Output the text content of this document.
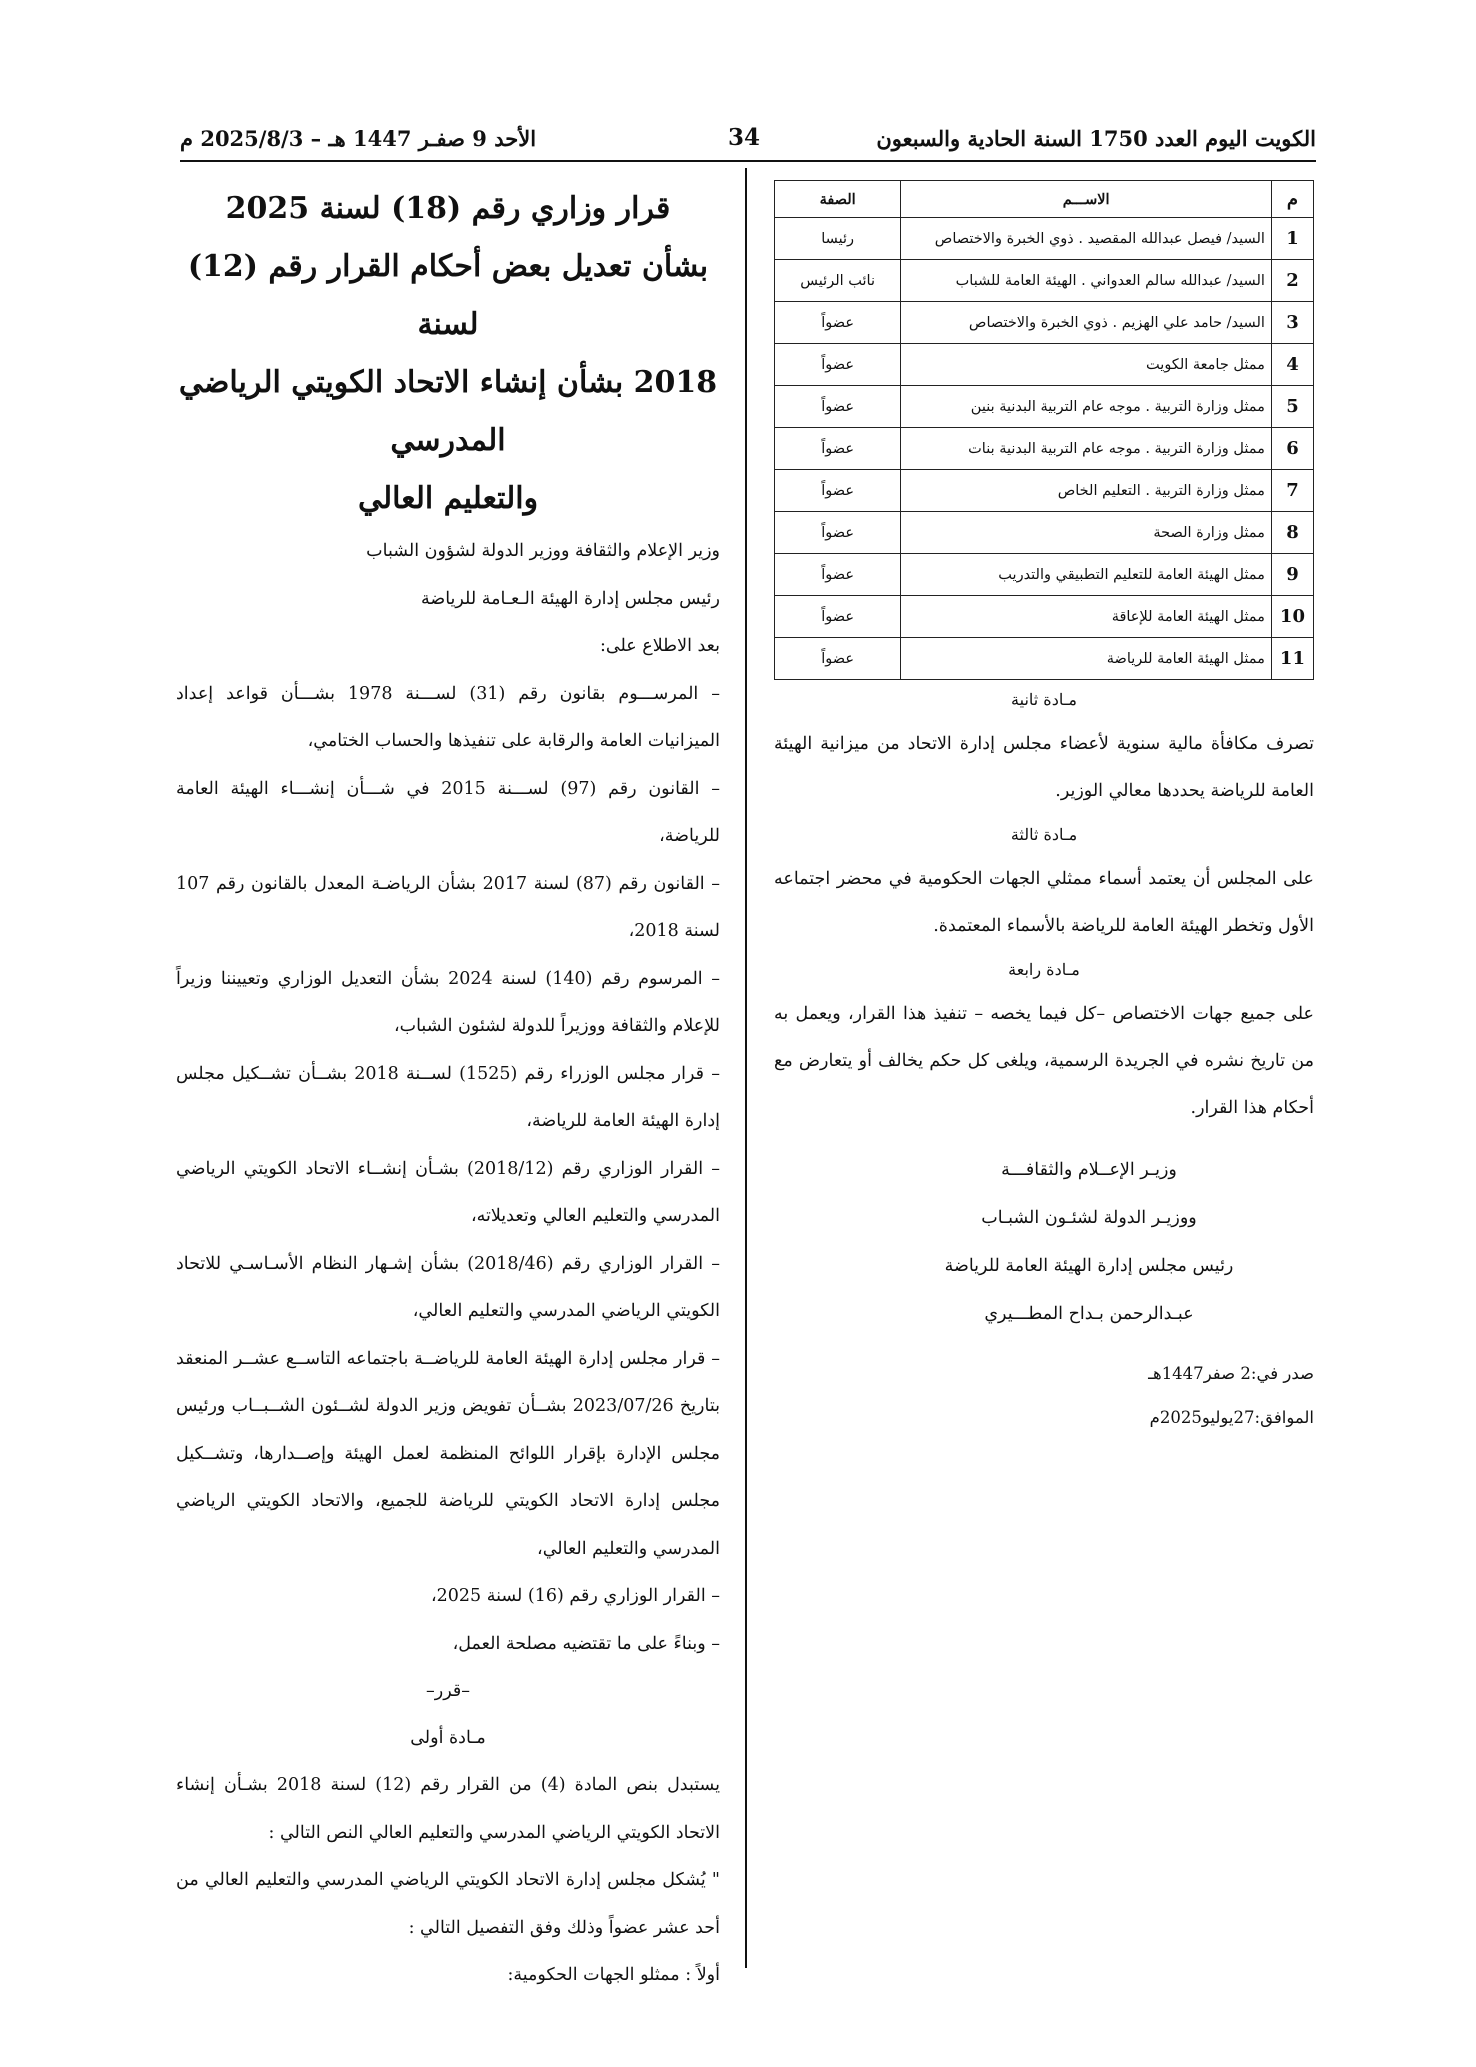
الكويت اليوم العدد 1750 السنة الحادية والسبعون
34
الأحد 9 صفـر 1447 هـ – 2025/8/3 م
م	الاســـم	الصفة
1	السيد/ فيصل عبدالله المقصيد . ذوي الخبرة والاختصاص	رئيسا
2	السيد/ عبدالله سالم العدواني . الهيئة العامة للشباب	نائب الرئيس
3	السيد/ حامد علي الهزيم . ذوي الخبرة والاختصاص	عضواً
4	ممثل جامعة الكويت	عضواً
5	ممثل وزارة التربية . موجه عام التربية البدنية بنين	عضواً
6	ممثل وزارة التربية . موجه عام التربية البدنية بنات	عضواً
7	ممثل وزارة التربية . التعليم الخاص	عضواً
8	ممثل وزارة الصحة	عضواً
9	ممثل الهيئة العامة للتعليم التطبيقي والتدريب	عضواً
10	ممثل الهيئة العامة للإعاقة	عضواً
11	ممثل الهيئة العامة للرياضة	عضواً
مـادة ثانية
تصرف مكافأة مالية سنوية لأعضاء مجلس إدارة الاتحاد من ميزانية الهيئة العامة للرياضة يحددها معالي الوزير.
مـادة ثالثة
على المجلس أن يعتمد أسماء ممثلي الجهات الحكومية في محضر اجتماعه الأول وتخطر الهيئة العامة للرياضة بالأسماء المعتمدة.
مـادة رابعة
على جميع جهات الاختصاص –كل فيما يخصه – تنفيذ هذا القرار، ويعمل به من تاريخ نشره في الجريدة الرسمية، ويلغى كل حكم يخالف أو يتعارض مع أحكام هذا القرار.
وزيـر الإعــلام والثقافـــة
ووزيـر الدولة لشئـون الشبـاب
رئيس مجلس إدارة الهيئة العامة للرياضة
عبـدالرحمن بـداح المطـــيري
صدر في:2 صفر1447هـ
الموافق:27يوليو2025م
قرار وزاري رقم (18) لسنة 2025
بشأن تعديل بعض أحكام القرار رقم (12) لسنة
2018 بشأن إنشاء الاتحاد الكويتي الرياضي المدرسي
والتعليم العالي
وزير الإعلام والثقافة ووزير الدولة لشؤون الشباب
رئيس مجلس إدارة الهيئة الـعـامة للرياضة
بعد الاطلاع على:
– المرســـوم بقانون رقم (31) لســـنة 1978 بشـــأن قواعد إعداد الميزانيات العامة والرقابة على تنفيذها والحساب الختامي،
– القانون رقم (97) لســـنة 2015 في شـــأن إنشـــاء الهيئة العامة للرياضة،
– القانون رقم (87) لسنة 2017 بشأن الرياضـة المعدل بالقانون رقم 107 لسنة 2018،
– المرسوم رقم (140) لسنة 2024 بشأن التعديل الوزاري وتعييننا وزيراً للإعلام والثقافة ووزيراً للدولة لشئون الشباب،
– قرار مجلس الوزراء رقم (1525) لســنة 2018 بشــأن تشــكيل مجلس إدارة الهيئة العامة للرياضة،
– القرار الوزاري رقم (2018/12) بشـأن إنشــاء الاتحاد الكويتي الرياضي المدرسي والتعليم العالي وتعديلاته،
– القرار الوزاري رقم (2018/46) بشأن إشـهار النظام الأسـاسـي للاتحاد الكويتي الرياضي المدرسي والتعليم العالي،
– قرار مجلس إدارة الهيئة العامة للرياضــة باجتماعه التاســع عشــر المنعقد بتاريخ 2023/07/26 بشــأن تفويض وزير الدولة لشــئون الشــبــاب ورئيس مجلس الإدارة بإقرار اللوائح المنظمة لعمل الهيئة وإصــدارها، وتشــكيل مجلس إدارة الاتحاد الكويتي للرياضة للجميع، والاتحاد الكويتي الرياضي المدرسي والتعليم العالي،
– القرار الوزاري رقم (16) لسنة 2025،
– وبناءً على ما تقتضيه مصلحة العمل،
–قرر–
مـادة أولى
يستبدل بنص المادة (4) من القرار رقم (12) لسنة 2018 بشـأن إنشاء الاتحاد الكويتي الرياضي المدرسي والتعليم العالي النص التالي :
" يُشكل مجلس إدارة الاتحاد الكويتي الرياضي المدرسي والتعليم العالي من أحد عشر عضواً وذلك وفق التفصيل التالي :
أولاً : ممثلو الجهات الحكومية:
